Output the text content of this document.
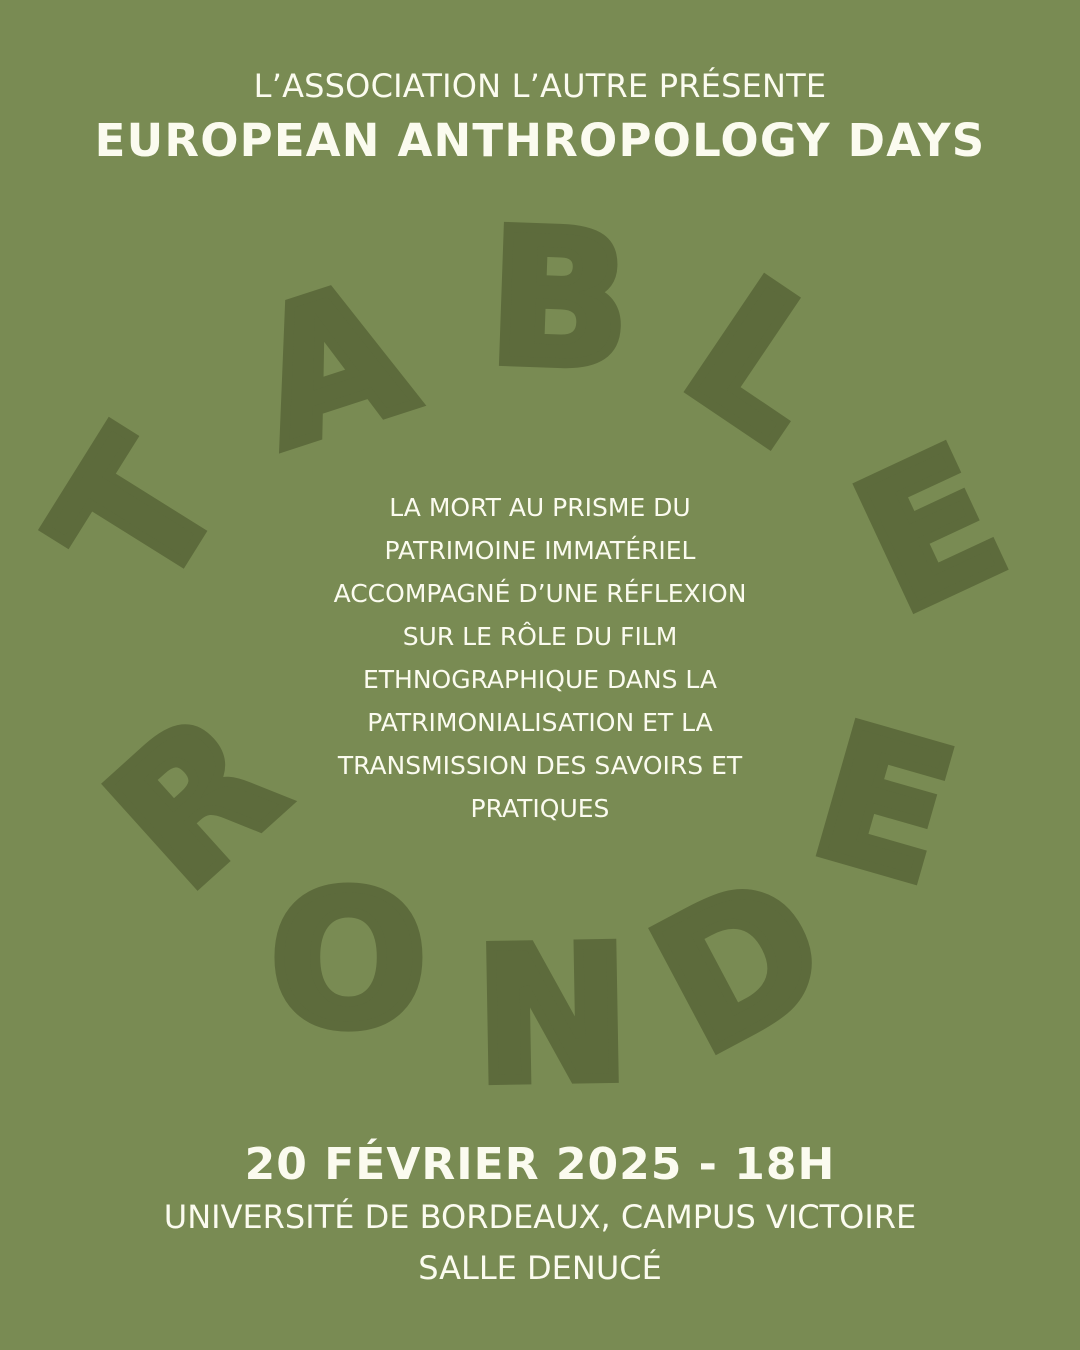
L’ASSOCIATION L’AUTRE PRÉSENTE
EUROPEAN ANTHROPOLOGY DAYS
T
A B L
E
R
O N
D
E
LA MORT AU PRISME DU
PATRIMOINE IMMATÉRIEL
ACCOMPAGNÉ D’UNE RÉFLEXION
SUR LE RÔLE DU FILM
ETHNOGRAPHIQUE DANS LA
PATRIMONIALISATION ET LA
TRANSMISSION DES SAVOIRS ET
PRATIQUES
20 FÉVRIER 2025 - 18H
UNIVERSITÉ DE BORDEAUX, CAMPUS VICTOIRE
SALLE DENUCÉ
